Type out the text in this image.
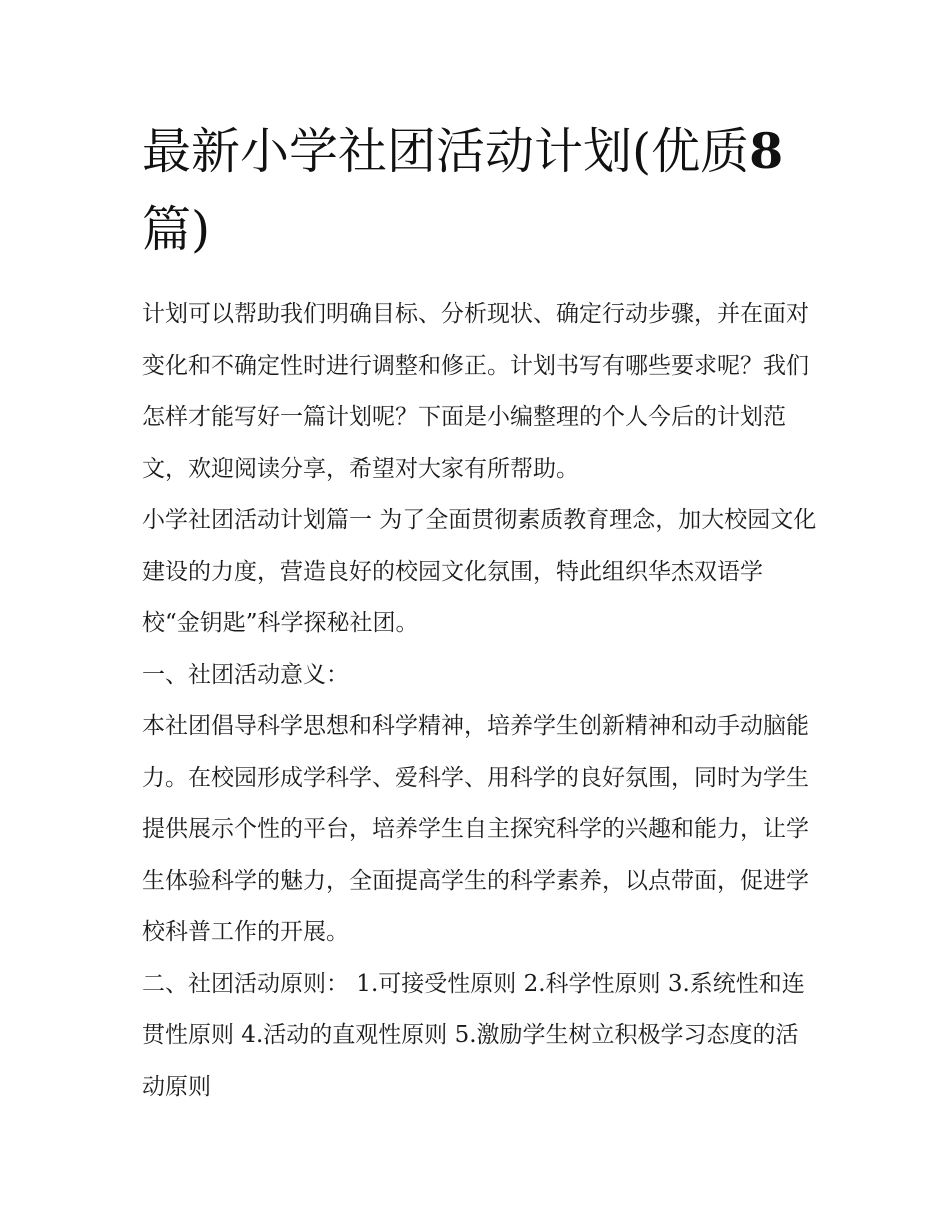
最新小学社团活动计划(优质8
篇)

计划可以帮助我们明确目标、分析现状、确定行动步骤，并在面对变化和不确定性时进行调整和修正。计划书写有哪些要求呢？我们怎样才能写好一篇计划呢？下面是小编整理的个人今后的计划范文，欢迎阅读分享，希望对大家有所帮助。

小学社团活动计划篇一 为了全面贯彻素质教育理念，加大校园文化建设的力度，营造良好的校园文化氛围，特此组织华杰双语学校“金钥匙”科学探秘社团。

一、社团活动意义：

本社团倡导科学思想和科学精神，培养学生创新精神和动手动脑能力。在校园形成学科学、爱科学、用科学的良好氛围，同时为学生提供展示个性的平台，培养学生自主探究科学的兴趣和能力，让学生体验科学的魅力，全面提高学生的科学素养，以点带面，促进学校科普工作的开展。

二、社团活动原则： 1.可接受性原则 2.科学性原则 3.系统性和连贯性原则 4.活动的直观性原则 5.激励学生树立积极学习态度的活动原则
